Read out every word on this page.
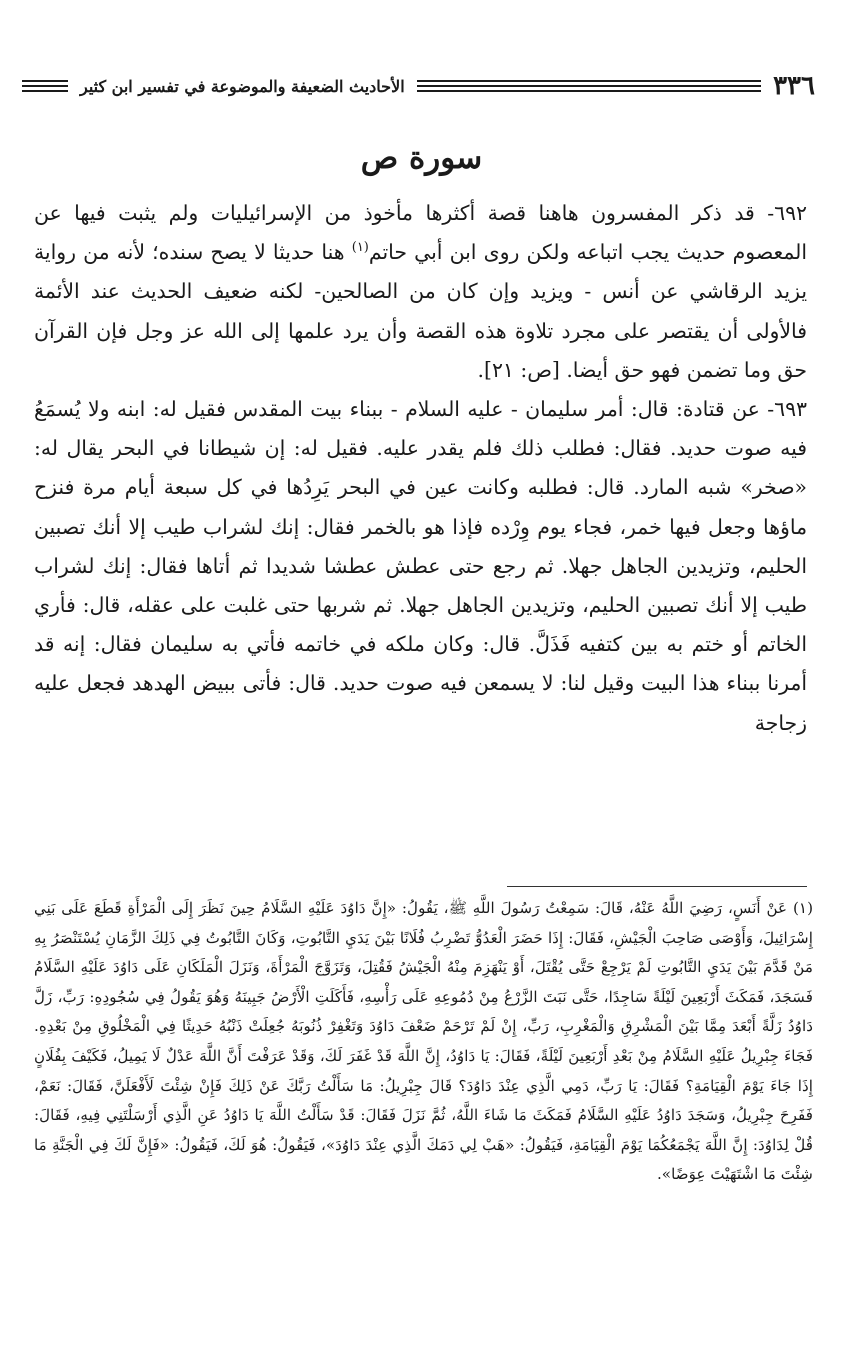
٣٣٦
الأحاديث الضعيفة والموضوعة في تفسير ابن كثير
سورة ص

٦٩٢- قد ذكر المفسرون هاهنا قصة أكثرها مأخوذ من الإسرائيليات ولم يثبت فيها عن المعصوم حديث يجب اتباعه ولكن روى ابن أبي حاتم$^{(١)}$ هنا حديثا لا يصح سنده؛ لأنه من رواية يزيد الرقاشي عن أنس - ويزيد وإن كان من الصالحين- لكنه ضعيف الحديث عند الأئمة فالأولى أن يقتصر على مجرد تلاوة هذه القصة وأن يرد علمها إلى الله عز وجل فإن القرآن حق وما تضمن فهو حق أيضا. [ص: ٢١].

٦٩٣- عن قتادة: قال: أمر سليمان - عليه السلام - ببناء بيت المقدس فقيل له: ابنه ولا يُسمَعُ فيه صوت حديد. فقال: فطلب ذلك فلم يقدر عليه. فقيل له: إن شيطانا في البحر يقال له: «صخر» شبه المارد. قال: فطلبه وكانت عين في البحر يَرِدُها في كل سبعة أيام مرة فنزح ماؤها وجعل فيها خمر، فجاء يوم وِرْده فإذا هو بالخمر فقال: إنك لشراب طيب إلا أنك تصبين الحليم، وتزيدين الجاهل جهلا. ثم رجع حتى عطش عطشا شديدا ثم أتاها فقال: إنك لشراب طيب إلا أنك تصبين الحليم، وتزيدين الجاهل جهلا. ثم شربها حتى غلبت على عقله، قال: فأري الخاتم أو ختم به بين كتفيه فَذَلَّ. قال: وكان ملكه في خاتمه فأتي به سليمان فقال: إنه قد أمرنا ببناء هذا البيت وقيل لنا: لا يسمعن فيه صوت حديد. قال: فأتى ببيض الهدهد فجعل عليه زجاجة

(١) عَنْ أَنَسٍ، رَضِيَ اللَّهُ عَنْهُ، قَالَ: سَمِعْتُ رَسُولَ اللَّهِ ﷺ، يَقُولُ: «إِنَّ دَاوُدَ عَلَيْهِ السَّلَامُ حِينَ نَظَرَ إِلَى الْمَرْأَةِ قَطَعَ عَلَى بَنِي إِسْرَائِيلَ، وَأَوْصَى صَاحِبَ الْجَيْشِ، فَقَالَ: إِذَا حَضَرَ الْعَدُوُّ تَضْرِبُ فُلَانًا بَيْنَ يَدَيِ التَّابُوتِ، وَكَانَ التَّابُوتُ فِي ذَلِكَ الزَّمَانِ يُسْتَنْصَرُ بِهِ مَنْ قَدَّمَ بَيْنَ يَدَيِ التَّابُوتِ لَمْ يَرْجِعْ حَتَّى يُقْتَلَ، أَوْ يَنْهَزِمَ مِنْهُ الْجَيْشُ فَقُتِلَ، وَتَزَوَّجَ الْمَرْأَةَ، وَنَزَلَ الْمَلَكَانِ عَلَى دَاوُدَ عَلَيْهِ السَّلَامُ فَسَجَدَ، فَمَكَثَ أَرْبَعِينَ لَيْلَةً سَاجِدًا، حَتَّى نَبَتَ الزَّرْعُ مِنْ دُمُوعِهِ عَلَى رَأْسِهِ، فَأَكَلَتِ الْأَرْضُ جَبِينَهُ وَهُوَ يَقُولُ فِي سُجُودِهِ: رَبِّ، زَلَّ دَاوُدُ زَلَّةً أَبْعَدَ مِمَّا بَيْنَ الْمَشْرِقِ وَالْمَغْرِبِ، رَبِّ، إِنْ لَمْ تَرْحَمْ ضَعْفَ دَاوُدَ وَتَغْفِرْ ذُنُوبَهُ جُعِلَتْ ذَنْبُهُ حَدِيثًا فِي الْمَخْلُوقِ مِنْ بَعْدِهِ. فَجَاءَ جِبْرِيلُ عَلَيْهِ السَّلَامُ مِنْ بَعْدِ أَرْبَعِينَ لَيْلَةً، فَقَالَ: يَا دَاوُدُ، إِنَّ اللَّهَ قَدْ غَفَرَ لَكَ، وَقَدْ عَرَفْتَ أَنَّ اللَّهَ عَدْلٌ لَا يَمِيلُ، فَكَيْفَ بِفُلَانٍ إِذَا جَاءَ يَوْمَ الْقِيَامَةِ؟ فَقَالَ: يَا رَبِّ، دَمِي الَّذِي عِنْدَ دَاوُدَ؟ قَالَ جِبْرِيلُ: مَا سَأَلْتُ رَبَّكَ عَنْ ذَلِكَ فَإِنْ شِئْتَ لَأَفْعَلَنَّ، فَقَالَ: نَعَمْ، فَفَرِحَ جِبْرِيلُ، وَسَجَدَ دَاوُدُ عَلَيْهِ السَّلَامُ فَمَكَثَ مَا شَاءَ اللَّهُ، ثُمَّ نَزَلَ فَقَالَ: قَدْ سَأَلْتُ اللَّهَ يَا دَاوُدُ عَنِ الَّذِي أَرْسَلْتَنِي فِيهِ، فَقَالَ: قُلْ لِدَاوُدَ: إِنَّ اللَّهَ يَجْمَعُكُمَا يَوْمَ الْقِيَامَةِ، فَيَقُولُ: «هَبْ لِي دَمَكَ الَّذِي عِنْدَ دَاوُدَ»، فَيَقُولُ: هُوَ لَكَ، فَيَقُولُ: «فَإِنَّ لَكَ فِي الْجَنَّةِ مَا شِئْتَ مَا اشْتَهَيْتَ عِوَضًا».
